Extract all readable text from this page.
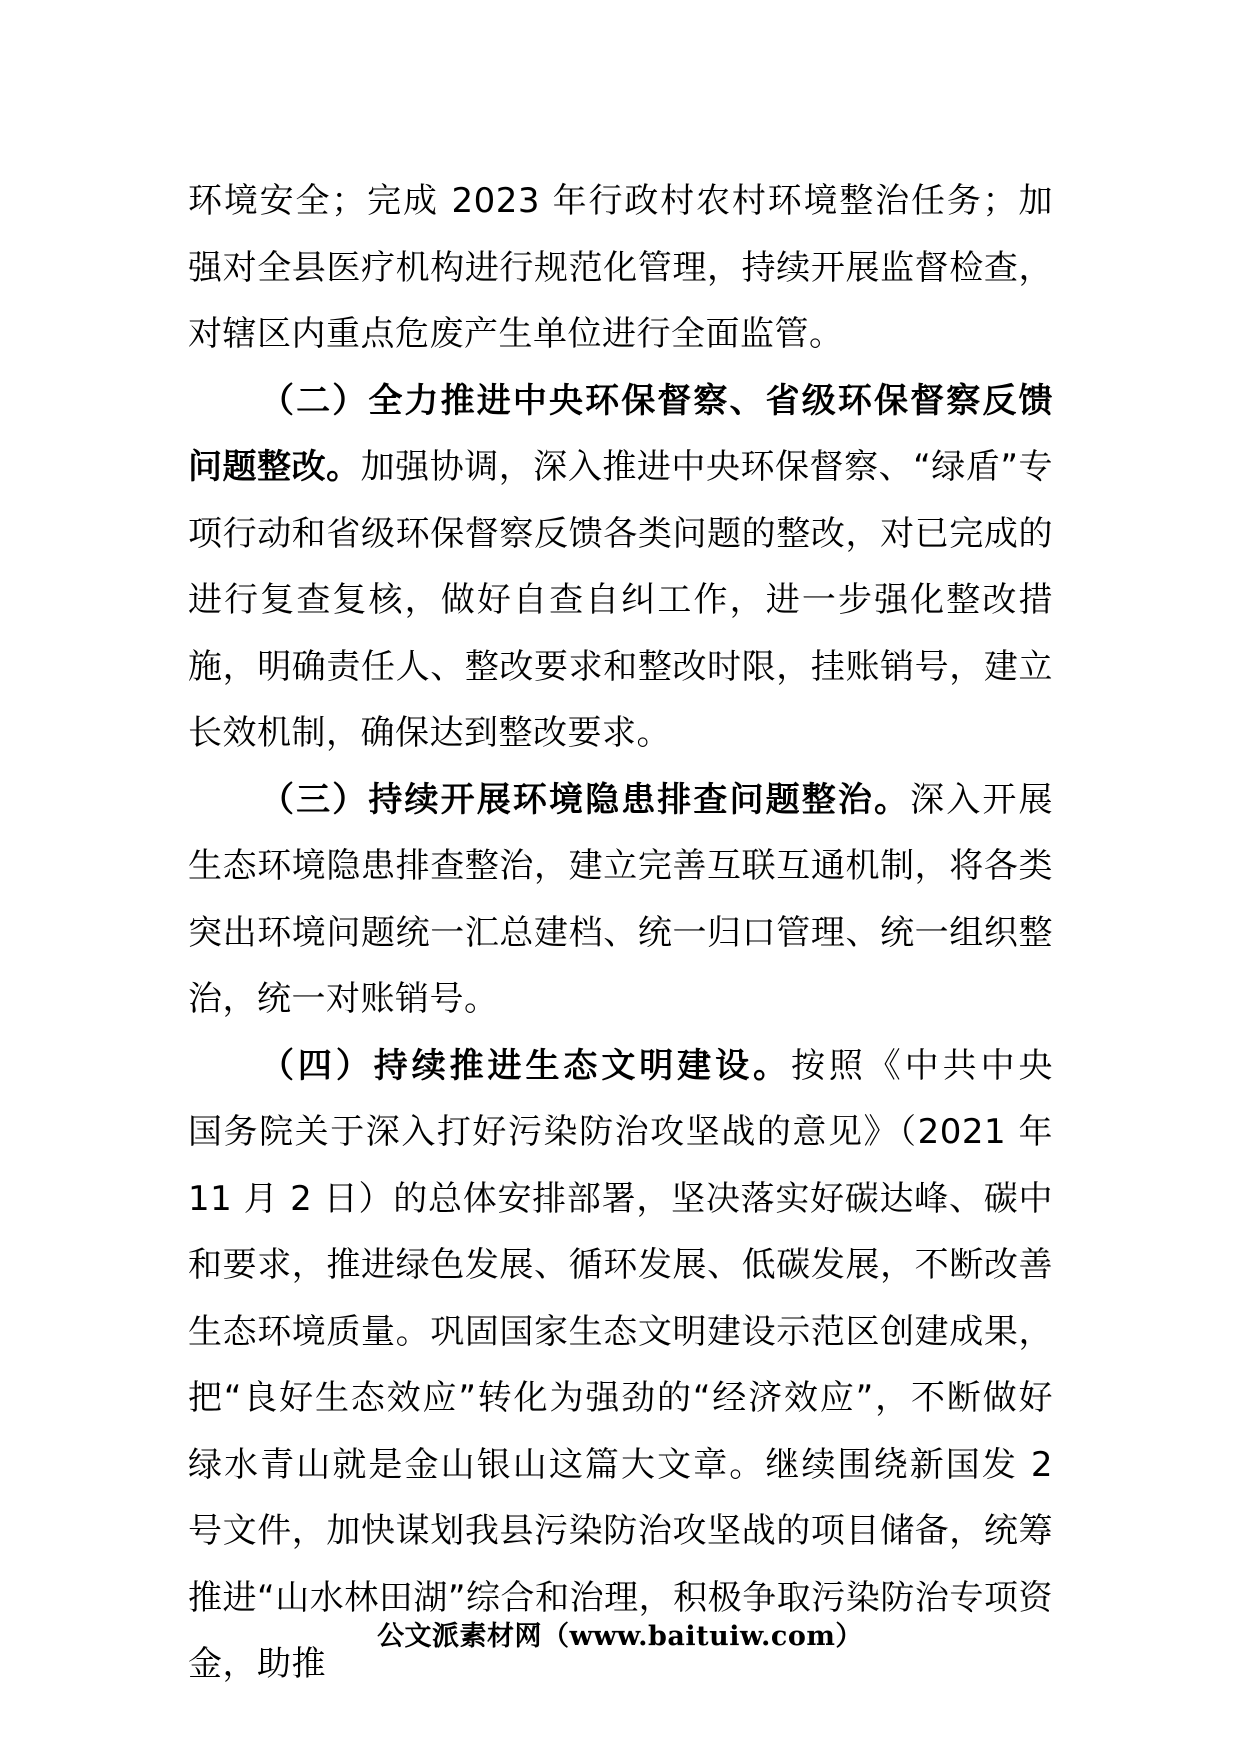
环境安全；完成 2023 年行政村农村环境整治任务；加强对全县医疗机构进行规范化管理，持续开展监督检查，对辖区内重点危废产生单位进行全面监管。

（二）全力推进中央环保督察、省级环保督察反馈问题整改。加强协调，深入推进中央环保督察、“绿盾”专项行动和省级环保督察反馈各类问题的整改，对已完成的进行复查复核，做好自查自纠工作，进一步强化整改措施，明确责任人、整改要求和整改时限，挂账销号，建立长效机制，确保达到整改要求。

（三）持续开展环境隐患排查问题整治。深入开展生态环境隐患排查整治，建立完善互联互通机制，将各类突出环境问题统一汇总建档、统一归口管理、统一组织整治，统一对账销号。

（四）持续推进生态文明建设。按照《中共中央　国务院关于深入打好污染防治攻坚战的意见》（2021 年 11 月 2 日）的总体安排部署，坚决落实好碳达峰、碳中和要求，推进绿色发展、循环发展、低碳发展，不断改善生态环境质量。巩固国家生态文明建设示范区创建成果，把“良好生态效应”转化为强劲的“经济效应”，不断做好绿水青山就是金山银山这篇大文章。继续围绕新国发 2 号文件，加快谋划我县污染防治攻坚战的项目储备，统筹推进“山水林田湖”综合和治理，积极争取污染防治专项资金，助推

公文派素材网（www.baituiw.com）
